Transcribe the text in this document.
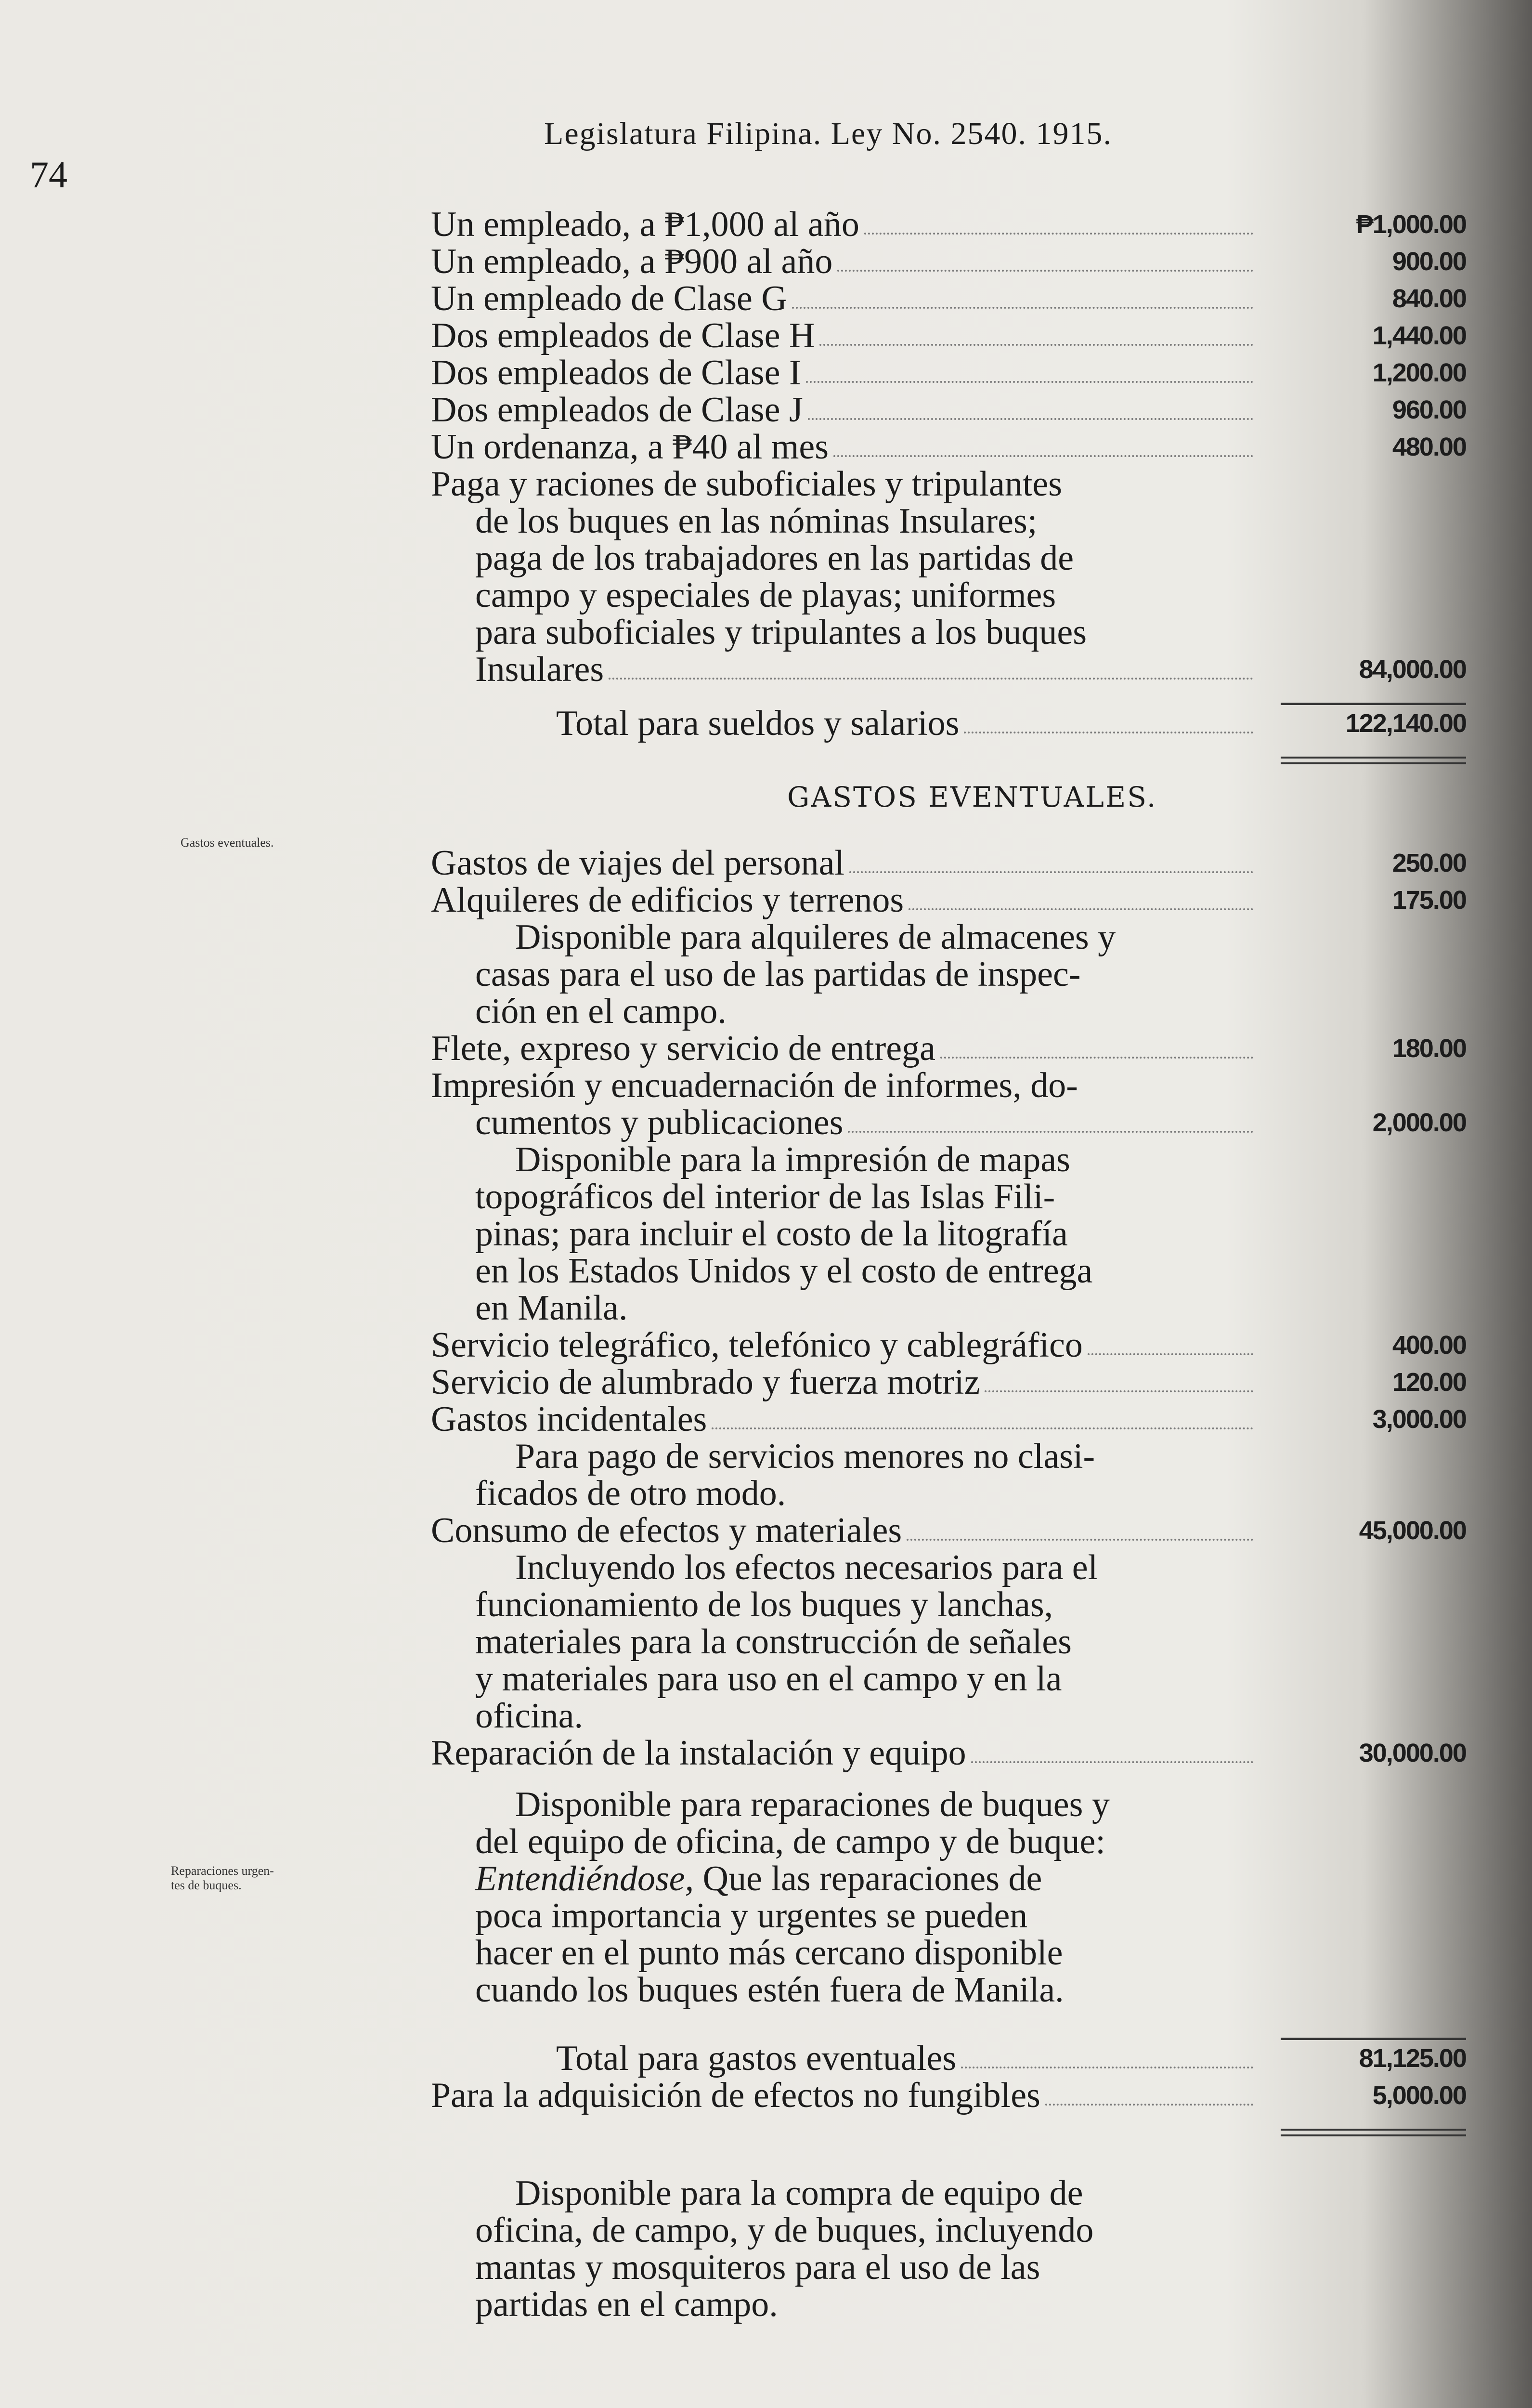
74
Legislatura Filipina. Ley No. 2540. 1915.
Gastos eventuales.
Reparaciones urgen-
tes de buques.
Un empleado, a ₱1,000 al año	₱1,000.00
Un empleado, a ₱900 al año	900.00
Un empleado de Clase G	840.00
Dos empleados de Clase H	1,440.00
Dos empleados de Clase I	1,200.00
Dos empleados de Clase J	960.00
Un ordenanza, a ₱40 al mes	480.00
Paga y raciones de suboficiales y tripulantes
de los buques en las nóminas Insulares;
paga de los trabajadores en las partidas de
campo y especiales de playas; uniformes
para suboficiales y tripulantes a los buques
Insulares	84,000.00
Total para sueldos y salarios	122,140.00
GASTOS EVENTUALES.
Gastos de viajes del personal	250.00
Alquileres de edificios y terrenos	175.00
Disponible para alquileres de almacenes y
casas para el uso de las partidas de inspec-
ción en el campo.
Flete, expreso y servicio de entrega	180.00
Impresión y encuadernación de informes, do-
cumentos y publicaciones	2,000.00
Disponible para la impresión de mapas
topográficos del interior de las Islas Fili-
pinas; para incluir el costo de la litografía
en los Estados Unidos y el costo de entrega
en Manila.
Servicio telegráfico, telefónico y cablegráfico	400.00
Servicio de alumbrado y fuerza motriz	120.00
Gastos incidentales	3,000.00
Para pago de servicios menores no clasi-
ficados de otro modo.
Consumo de efectos y materiales	45,000.00
Incluyendo los efectos necesarios para el
funcionamiento de los buques y lanchas,
materiales para la construcción de señales
y materiales para uso en el campo y en la
oficina.
Reparación de la instalación y equipo	30,000.00
Disponible para reparaciones de buques y
del equipo de oficina, de campo y de buque:
Entendiéndose, Que las reparaciones de
poca importancia y urgentes se pueden
hacer en el punto más cercano disponible
cuando los buques estén fuera de Manila.
Total para gastos eventuales	81,125.00
Para la adquisición de efectos no fungibles	5,000.00
Disponible para la compra de equipo de
oficina, de campo, y de buques, incluyendo
mantas y mosquiteros para el uso de las
partidas en el campo.
